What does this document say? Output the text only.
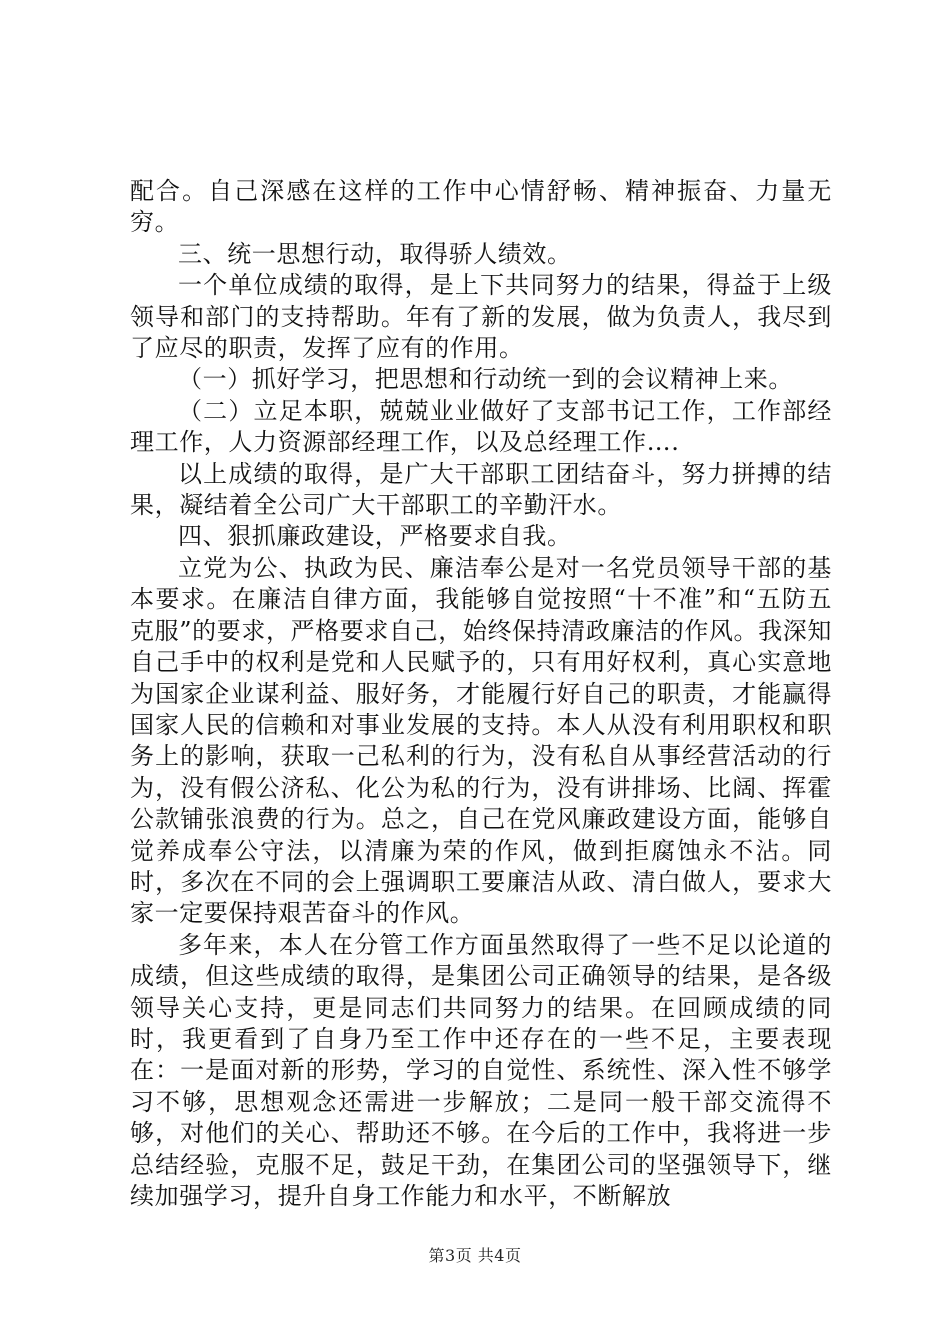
配合。自己深感在这样的工作中心情舒畅、精神振奋、力量无穷。

三、统一思想行动，取得骄人绩效。

一个单位成绩的取得，是上下共同努力的结果，得益于上级领导和部门的支持帮助。年有了新的发展，做为负责人，我尽到了应尽的职责，发挥了应有的作用。

（一）抓好学习，把思想和行动统一到的会议精神上来。

（二）立足本职，兢兢业业做好了支部书记工作，工作部经理工作，人力资源部经理工作，以及总经理工作….

以上成绩的取得，是广大干部职工团结奋斗，努力拼搏的结果，凝结着全公司广大干部职工的辛勤汗水。

四、狠抓廉政建设，严格要求自我。

立党为公、执政为民、廉洁奉公是对一名党员领导干部的基本要求。在廉洁自律方面，我能够自觉按照“十不准”和“五防五克服”的要求，严格要求自己，始终保持清政廉洁的作风。我深知自己手中的权利是党和人民赋予的，只有用好权利，真心实意地为国家企业谋利益、服好务，才能履行好自己的职责，才能赢得国家人民的信赖和对事业发展的支持。本人从没有利用职权和职务上的影响，获取一己私利的行为，没有私自从事经营活动的行为，没有假公济私、化公为私的行为，没有讲排场、比阔、挥霍公款铺张浪费的行为。总之，自己在党风廉政建设方面，能够自觉养成奉公守法，以清廉为荣的作风，做到拒腐蚀永不沾。同时，多次在不同的会上强调职工要廉洁从政、清白做人，要求大家一定要保持艰苦奋斗的作风。

多年来，本人在分管工作方面虽然取得了一些不足以论道的成绩，但这些成绩的取得，是集团公司正确领导的结果，是各级领导关心支持，更是同志们共同努力的结果。在回顾成绩的同时，我更看到了自身乃至工作中还存在的一些不足，主要表现在：一是面对新的形势，学习的自觉性、系统性、深入性不够学习不够，思想观念还需进一步解放；二是同一般干部交流得不够，对他们的关心、帮助还不够。在今后的工作中，我将进一步总结经验，克服不足，鼓足干劲，在集团公司的坚强领导下，继续加强学习，提升自身工作能力和水平，不断解放

第3页 共4页
